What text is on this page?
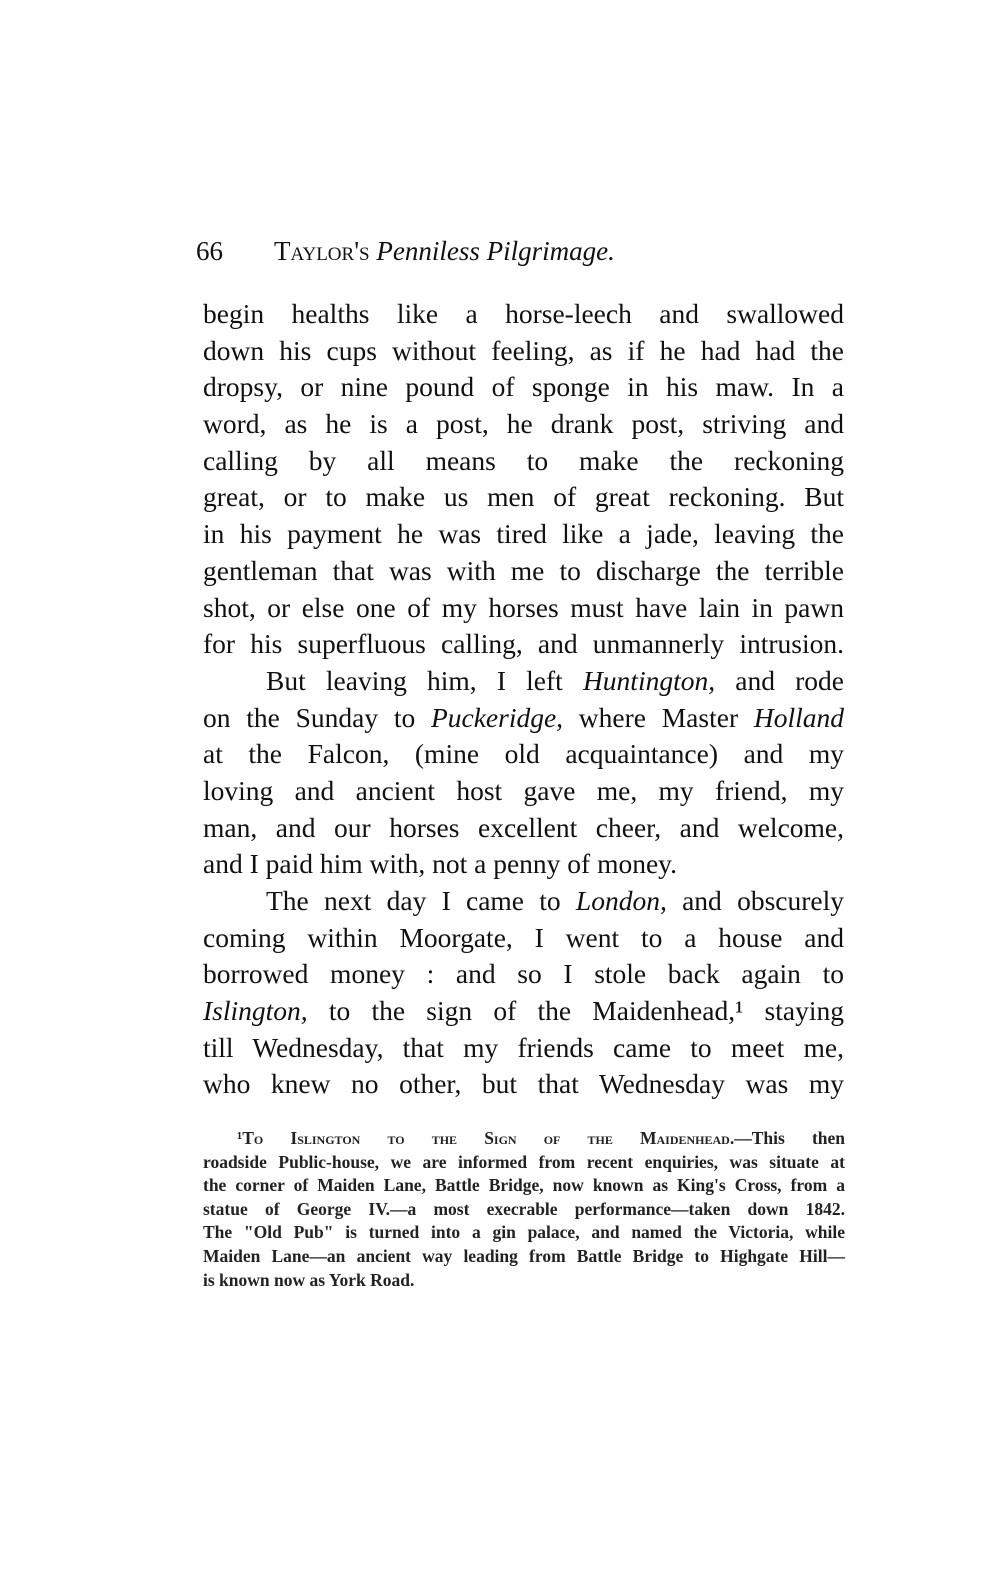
66 Taylor's Penniless Pilgrimage.
begin healths like a horse-leech and swallowed
down his cups without feeling, as if he had had the
dropsy, or nine pound of sponge in his maw. In a
word, as he is a post, he drank post, striving and
calling by all means to make the reckoning
great, or to make us men of great reckoning. But
in his payment he was tired like a jade, leaving the
gentleman that was with me to discharge the terrible
shot, or else one of my horses must have lain in pawn
for his superfluous calling, and unmannerly intrusion.
But leaving him, I left Huntington, and rode
on the Sunday to Puckeridge, where Master Holland
at the Falcon, (mine old acquaintance) and my
loving and ancient host gave me, my friend, my
man, and our horses excellent cheer, and welcome,
and I paid him with, not a penny of money.
The next day I came to London, and obscurely
coming within Moorgate, I went to a house and
borrowed money : and so I stole back again to
Islington, to the sign of the Maidenhead,¹ staying
till Wednesday, that my friends came to meet me,
who knew no other, but that Wednesday was my
¹To Islington to the Sign of the Maidenhead.—This then
roadside Public-house, we are informed from recent enquiries, was situate at
the corner of Maiden Lane, Battle Bridge, now known as King's Cross, from a
statue of George IV.—a most execrable performance—taken down 1842.
The "Old Pub" is turned into a gin palace, and named the Victoria, while
Maiden Lane—an ancient way leading from Battle Bridge to Highgate Hill—
is known now as York Road.
